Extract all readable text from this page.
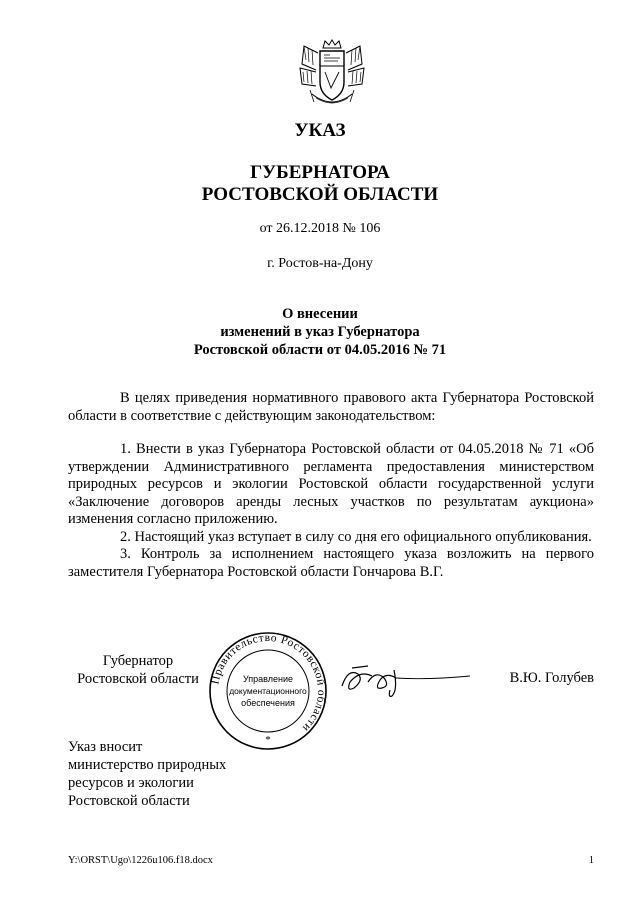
УКАЗ
ГУБЕРНАТОРА
РОСТОВСКОЙ ОБЛАСТИ
от 26.12.2018 № 106
г. Ростов-на-Дону
О внесении
изменений в указ Губернатора
Ростовской области от 04.05.2016 № 71

В целях приведения нормативного правового акта Губернатора Ростовской области в соответствие с действующим законодательством:

1. Внести в указ Губернатора Ростовской области от 04.05.2018 № 71 «Об утверждении Административного регламента предоставления министерством природных ресурсов и экологии Ростовской области государственной услуги «Заключение договоров аренды лесных участков по результатам аукциона» изменения согласно приложению.

2. Настоящий указ вступает в силу со дня его официального опубликования.

3. Контроль за исполнением настоящего указа возложить на первого заместителя Губернатора Ростовской области Гончарова В.Г.

Губернатор
Ростовской области Правительство Ростовской области
Управление
документационного
обеспечения
*
В.Ю. Голубев
Указ вносит
министерство природных
ресурсов и экологии
Ростовской области
Y:\ORST\Ugo\1226u106.f18.docx	1
